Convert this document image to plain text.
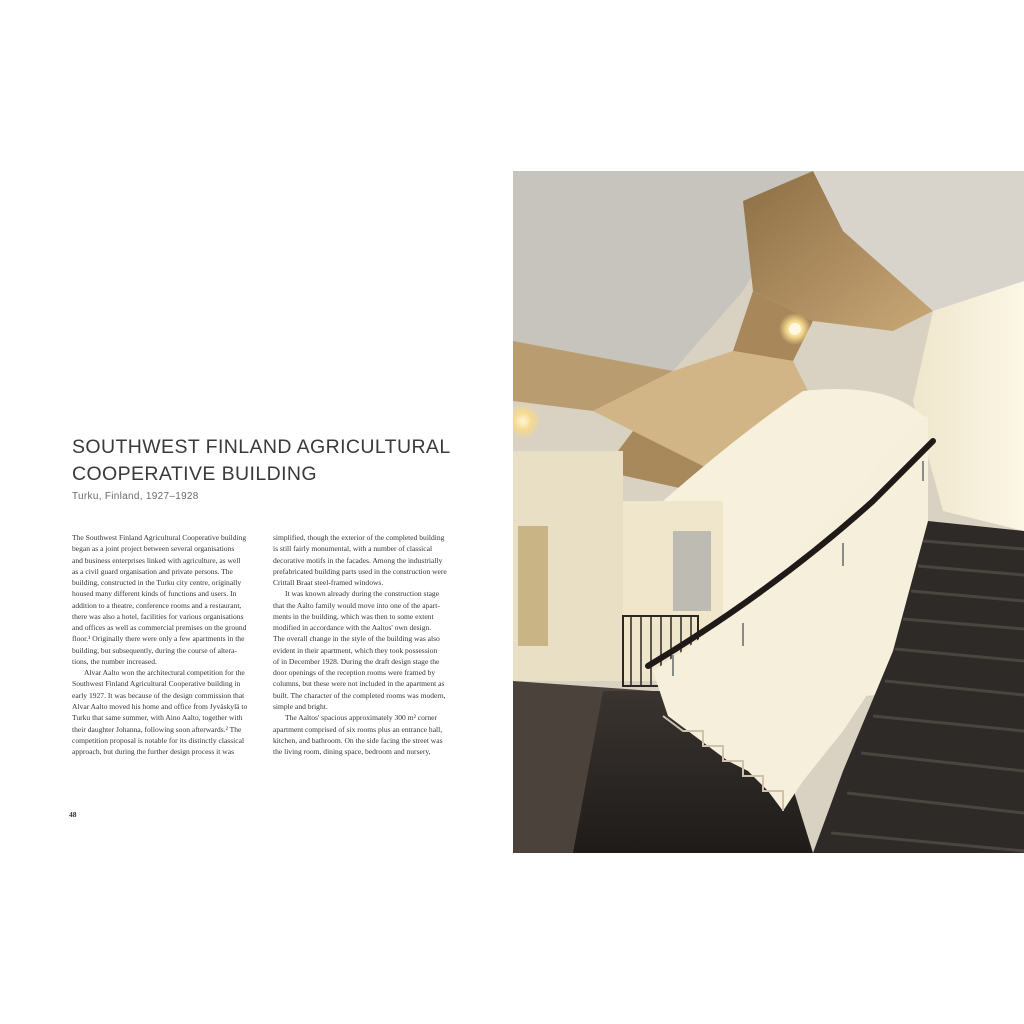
SOUTHWEST FINLAND AGRICULTURAL
COOPERATIVE BUILDING
Turku, Finland, 1927–1928
The Southwest Finland Agricultural Cooperative building
began as a joint project between several organisations
and business enterprises linked with agriculture, as well
as a civil guard organisation and private persons. The
building, constructed in the Turku city centre, originally
housed many different kinds of functions and users. In
addition to a theatre, conference rooms and a restaurant,
there was also a hotel, facilities for various organisations
and offices as well as commercial premises on the ground
floor.¹ Originally there were only a few apartments in the
building, but subsequently, during the course of altera-
tions, the number increased.
Alvar Aalto won the architectural competition for the
Southwest Finland Agricultural Cooperative building in
early 1927. It was because of the design commission that
Alvar Aalto moved his home and office from Jyväskylä to
Turku that same summer, with Aino Aalto, together with
their daughter Johanna, following soon afterwards.² The
competition proposal is notable for its distinctly classical
approach, but during the further design process it was
simplified, though the exterior of the completed building
is still fairly monumental, with a number of classical
decorative motifs in the facades. Among the industrially
prefabricated building parts used in the construction were
Crittall Braat steel-framed windows.
It was known already during the construction stage
that the Aalto family would move into one of the apart-
ments in the building, which was then to some extent
modified in accordance with the Aaltos' own design.
The overall change in the style of the building was also
evident in their apartment, which they took possession
of in December 1928. During the draft design stage the
door openings of the reception rooms were framed by
columns, but these were not included in the apartment as
built. The character of the completed rooms was modern,
simple and bright.
The Aaltos' spacious approximately 300 m² corner
apartment comprised of six rooms plus an entrance hall,
kitchen, and bathroom. On the side facing the street was
the living room, dining space, bedroom and nursery,
48
